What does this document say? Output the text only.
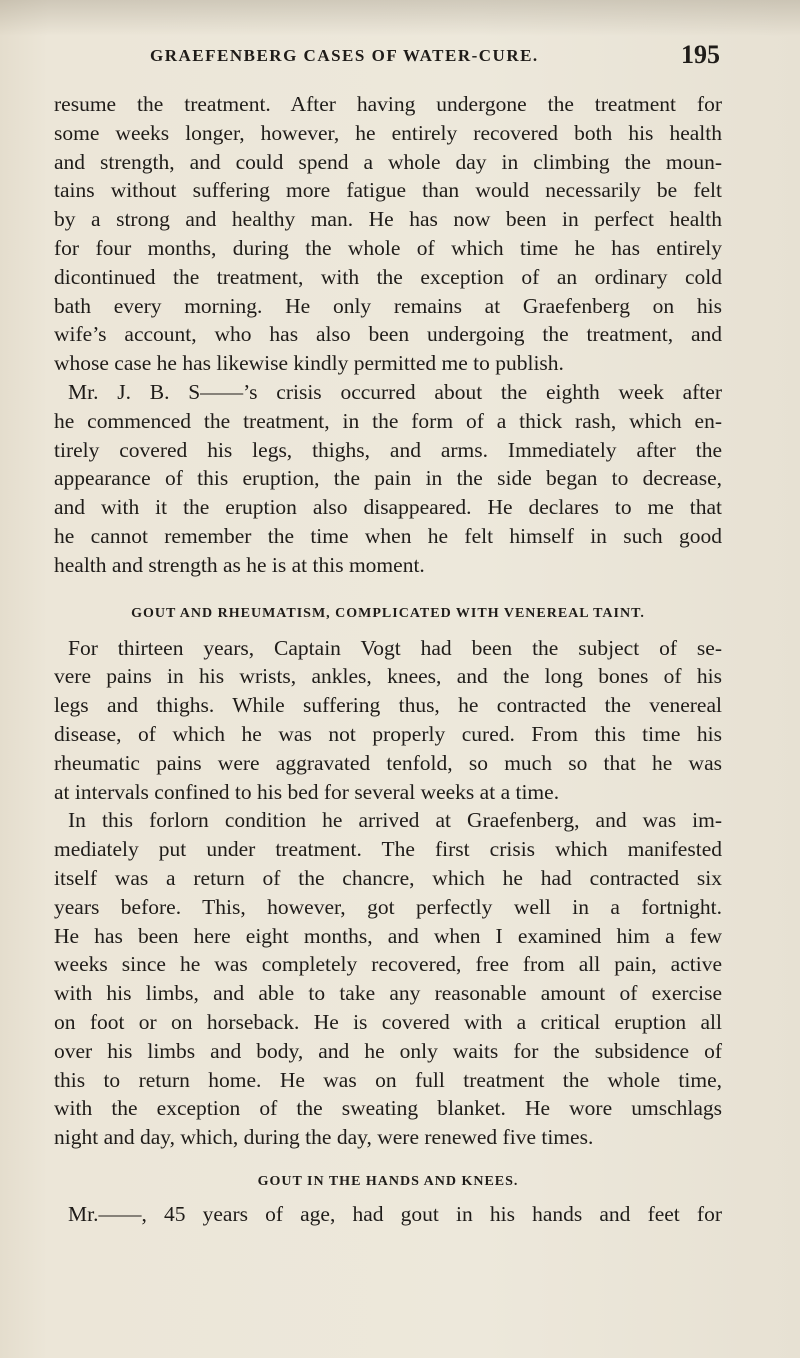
GRAEFENBERG CASES OF WATER-CURE.	195
resume the treatment. After having undergone the treatment for
some weeks longer, however, he entirely recovered both his health
and strength, and could spend a whole day in climbing the moun-
tains without suffering more fatigue than would necessarily be felt
by a strong and healthy man. He has now been in perfect health
for four months, during the whole of which time he has entirely
dicontinued the treatment, with the exception of an ordinary cold
bath every morning. He only remains at Graefenberg on his
wife’s account, who has also been undergoing the treatment, and
whose case he has likewise kindly permitted me to publish.
Mr. J. B. S——’s crisis occurred about the eighth week after
he commenced the treatment, in the form of a thick rash, which en-
tirely covered his legs, thighs, and arms. Immediately after the
appearance of this eruption, the pain in the side began to decrease,
and with it the eruption also disappeared. He declares to me that
he cannot remember the time when he felt himself in such good
health and strength as he is at this moment.
GOUT AND RHEUMATISM, COMPLICATED WITH VENEREAL TAINT.
For thirteen years, Captain Vogt had been the subject of se-
vere pains in his wrists, ankles, knees, and the long bones of his
legs and thighs. While suffering thus, he contracted the venereal
disease, of which he was not properly cured. From this time his
rheumatic pains were aggravated tenfold, so much so that he was
at intervals confined to his bed for several weeks at a time.
In this forlorn condition he arrived at Graefenberg, and was im-
mediately put under treatment. The first crisis which manifested
itself was a return of the chancre, which he had contracted six
years before. This, however, got perfectly well in a fortnight.
He has been here eight months, and when I examined him a few
weeks since he was completely recovered, free from all pain, active
with his limbs, and able to take any reasonable amount of exercise
on foot or on horseback. He is covered with a critical eruption all
over his limbs and body, and he only waits for the subsidence of
this to return home. He was on full treatment the whole time,
with the exception of the sweating blanket. He wore umschlags
night and day, which, during the day, were renewed five times.
GOUT IN THE HANDS AND KNEES.
Mr.——, 45 years of age, had gout in his hands and feet for
